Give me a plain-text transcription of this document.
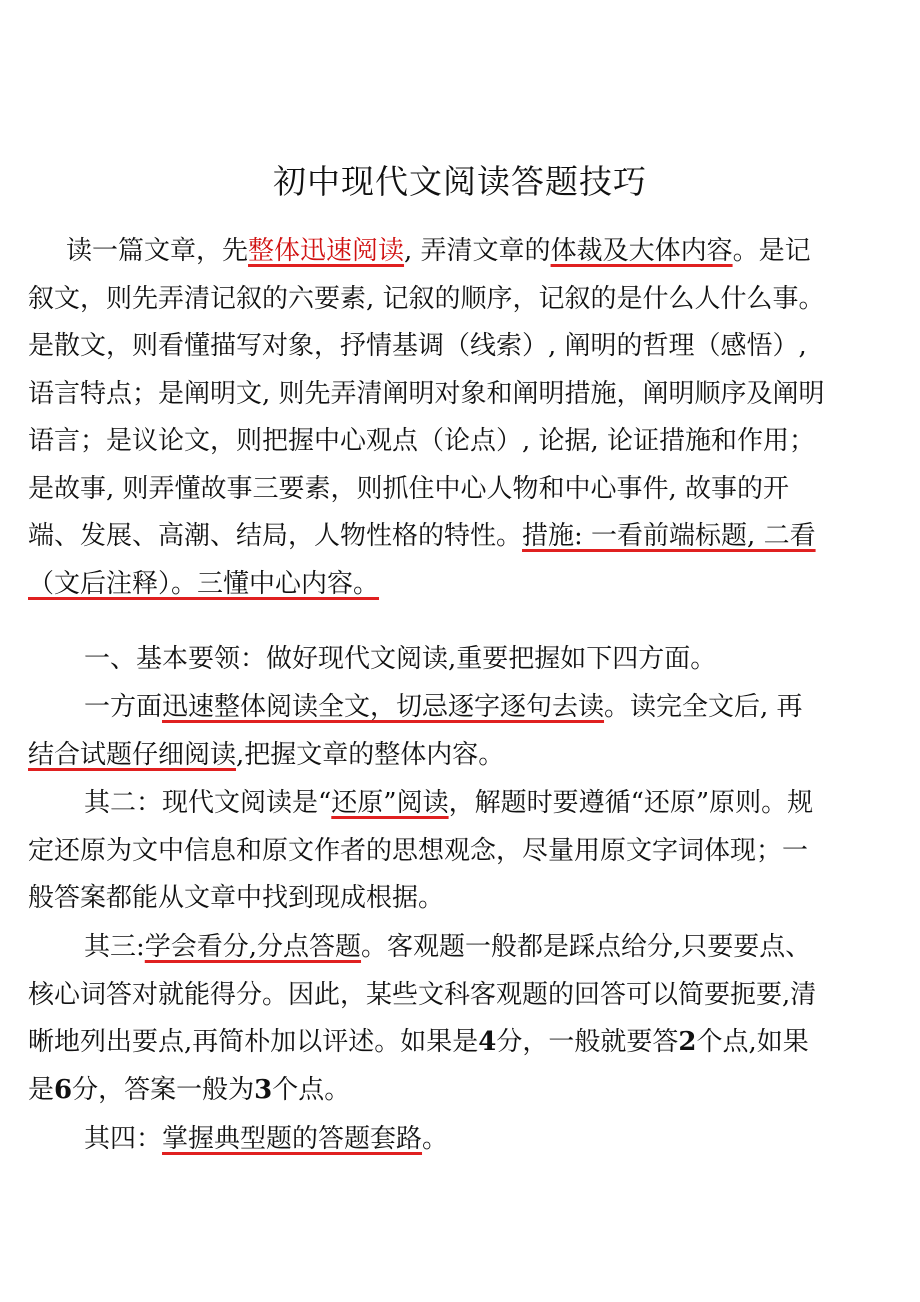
初中现代文阅读答题技巧

读一篇文章，先整体迅速阅读, 弄清文章的体裁及大体内容。是记叙文，则先弄清记叙的六要素, 记叙的顺序，记叙的是什么人什么事。是散文，则看懂描写对象，抒情基调（线索）, 阐明的哲理（感悟）, 语言特点；是阐明文, 则先弄清阐明对象和阐明措施，阐明顺序及阐明语言；是议论文，则把握中心观点（论点）, 论据, 论证措施和作用；是故事, 则弄懂故事三要素，则抓住中心人物和中心事件, 故事的开端、发展、高潮、结局，人物性格的特性。措施: 一看前端标题, 二看（文后注释）。三懂中心内容。

一、基本要领：做好现代文阅读,重要把握如下四方面。

一方面迅速整体阅读全文，切忌逐字逐句去读。读完全文后, 再结合试题仔细阅读,把握文章的整体内容。

其二：现代文阅读是“还原”阅读，解题时要遵循“还原”原则。规定还原为文中信息和原文作者的思想观念，尽量用原文字词体现；一般答案都能从文章中找到现成根据。

其三:学会看分,分点答题。客观题一般都是踩点给分,只要要点、核心词答对就能得分。因此，某些文科客观题的回答可以简要扼要,清晰地列出要点,再简朴加以评述。如果是4分，一般就要答2个点,如果是6分，答案一般为3个点。

其四：掌握典型题的答题套路。
